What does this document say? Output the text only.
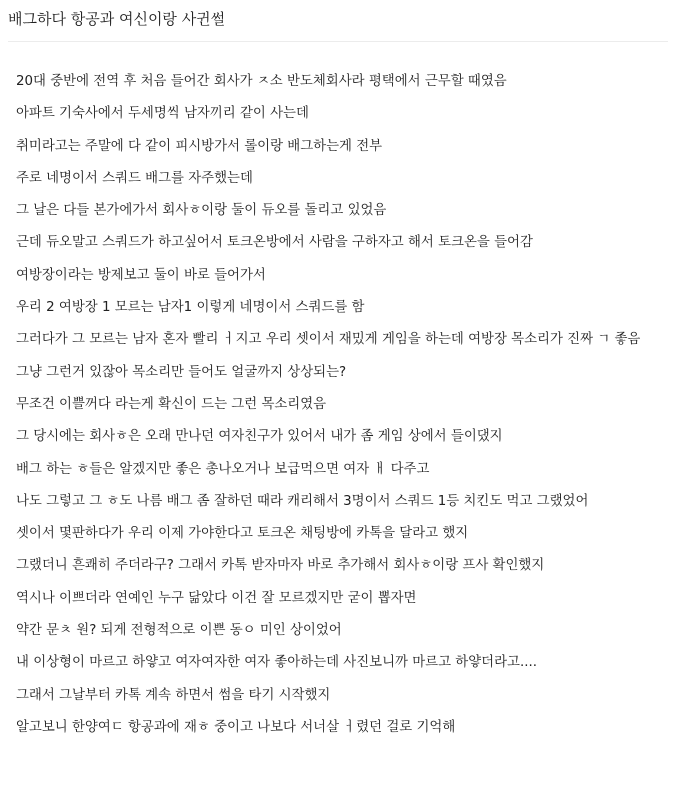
배그하다 항공과 여신이랑 사귄썰
20대 중반에 전역 후 처음 들어간 회사가 ㅈ소 반도체회사라 평택에서 근무할 때였음
아파트 기숙사에서 두세명씩 남자끼리 같이 사는데
취미라고는 주말에 다 같이 피시방가서 롤이랑 배그하는게 전부
주로 네명이서 스쿼드 배그를 자주했는데
그 날은 다들 본가에가서 회사ㅎ이랑 둘이 듀오를 돌리고 있었음
근데 듀오말고 스쿼드가 하고싶어서 토크온방에서 사람을 구하자고 해서 토크온을 들어감
여방장이라는 방제보고 둘이 바로 들어가서
우리 2 여방장 1 모르는 남자1 이렇게 네명이서 스쿼드를 함
그러다가 그 모르는 남자 혼자 빨리 ㅓ지고 우리 셋이서 재밌게 게임을 하는데 여방장 목소리가 진짜 ㄱ 좋음
그냥 그런거 있잖아 목소리만 들어도 얼굴까지 상상되는?
무조건 이쁠꺼다 라는게 확신이 드는 그런 목소리였음
그 당시에는 회사ㅎ은 오래 만나던 여자친구가 있어서 내가 좀 게임 상에서 들이댔지
배그 하는 ㅎ들은 알겠지만 좋은 총나오거나 보급먹으면 여자 ㅐ 다주고
나도 그렇고 그 ㅎ도 나름 배그 좀 잘하던 때라 캐리해서 3명이서 스쿼드 1등 치킨도 먹고 그랬었어
셋이서 몇판하다가 우리 이제 가야한다고 토크온 채팅방에 카톡을 달라고 했지
그랬더니 흔쾌히 주더라구? 그래서 카톡 받자마자 바로 추가해서 회사ㅎ이랑 프사 확인했지
역시나 이쁘더라 연예인 누구 닮았다 이건 잘 모르겠지만 굳이 뽑자면
약간 문ㅊ 원? 되게 전형적으로 이쁜 동ㅇ 미인 상이었어
내 이상형이 마르고 하얗고 여자여자한 여자 좋아하는데 사진보니까 마르고 하얗더라고....
그래서 그날부터 카톡 계속 하면서 썸을 타기 시작했지
알고보니 한양여ㄷ 항공과에 재ㅎ 중이고 나보다 서너살 ㅓ렸던 걸로 기억해
